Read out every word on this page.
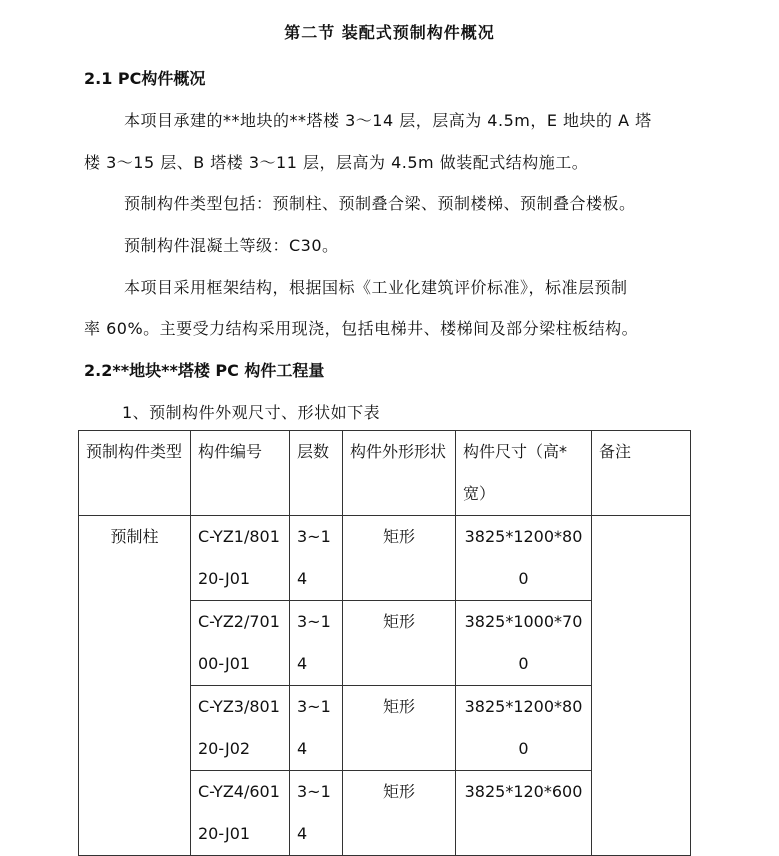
第二节 装配式预制构件概况
2.1 PC构件概况
本项目承建的**地块的**塔楼 3～14 层，层高为 4.5m，E 地块的 A 塔
楼 3～15 层、B 塔楼 3～11 层，层高为 4.5m 做装配式结构施工。
预制构件类型包括：预制柱、预制叠合梁、预制楼梯、预制叠合楼板。
预制构件混凝土等级：C30。
本项目采用框架结构，根据国标《工业化建筑评价标准》，标准层预制
率 60%。主要受力结构采用现浇，包括电梯井、楼梯间及部分梁柱板结构。
2.2**地块**塔楼 PC 构件工程量
1、预制构件外观尺寸、形状如下表
预制构件类型	构件编号	层数	构件外形形状	构件尺寸（高*宽）	备注
预制柱	C-YZ1/80120-J01	3~14	矩形	3825*1200*800	
	C-YZ2/70100-J01	3~14	矩形	3825*1000*700	
	C-YZ3/80120-J02	3~14	矩形	3825*1200*800	
	C-YZ4/60120-J01	3~14	矩形	3825*120*600	
